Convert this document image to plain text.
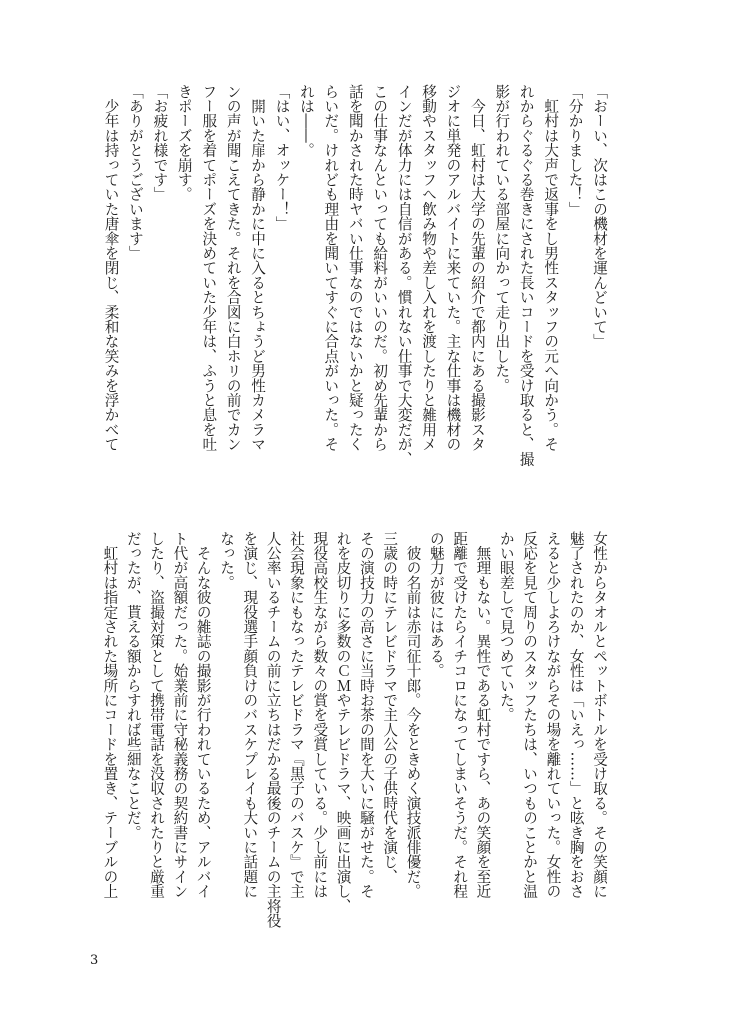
「おーい、次はこの機材を運んどいて」

「分かりました！」

　虹村は大声で返事をし男性スタッフの元へ向かう。そ

れからぐるぐる巻きにされた長いコードを受け取ると、撮

影が行われている部屋に向かって走り出した。

　今日、虹村は大学の先輩の紹介で都内にある撮影スタ

ジオに単発のアルバイトに来ていた。主な仕事は機材の

移動やスタッフへ飲み物や差し入れを渡したりと雑用メ

インだが体力には自信がある。慣れない仕事で大変だが、

この仕事なんといっても給料がいいのだ。初め先輩から

話を聞かされた時ヤバい仕事なのではないかと疑ったく

らいだ。けれども理由を聞いてすぐに合点がいった。そ

れは――。

「はい、オッケー！」

　開いた扉から静かに中に入るとちょうど男性カメラマ

ンの声が聞こえてきた。それを合図に白ホリの前でカン

フー服を着てポーズを決めていた少年は、ふうと息を吐

きポーズを崩す。

「お疲れ様です」

「ありがとうございます」

　少年は持っていた唐傘を閉じ、柔和な笑みを浮かべて

女性からタオルとペットボトルを受け取る。その笑顔に

魅了されたのか、女性は「いえっ……」と呟き胸をおさ

えると少しよろけながらその場を離れていった。女性の

反応を見て周りのスタッフたちは、いつものことかと温

かい眼差しで見つめていた。

　無理もない。異性である虹村ですら、あの笑顔を至近

距離で受けたらイチコロになってしまいそうだ。それ程

の魅力が彼にはある。

　彼の名前は赤司征十郎。今をときめく演技派俳優だ。

三歳の時にテレビドラマで主人公の子供時代を演じ、

その演技力の高さに当時お茶の間を大いに騒がせた。そ

れを皮切りに多数のＣＭやテレビドラマ、映画に出演し、

現役高校生ながら数々の賞を受賞している。少し前には

社会現象にもなったテレビドラマ『黒子のバスケ』で主

人公率いるチームの前に立ちはだかる最後のチームの主将役

を演じ、現役選手顔負けのバスケプレイも大いに話題に

なった。

　そんな彼の雑誌の撮影が行われているため、アルバイ

ト代が高額だった。始業前に守秘義務の契約書にサイン

したり、盗撮対策として携帯電話を没収されたりと厳重

だったが、貰える額からすれば些細なことだ。

　虹村は指定された場所にコードを置き、テーブルの上

3
